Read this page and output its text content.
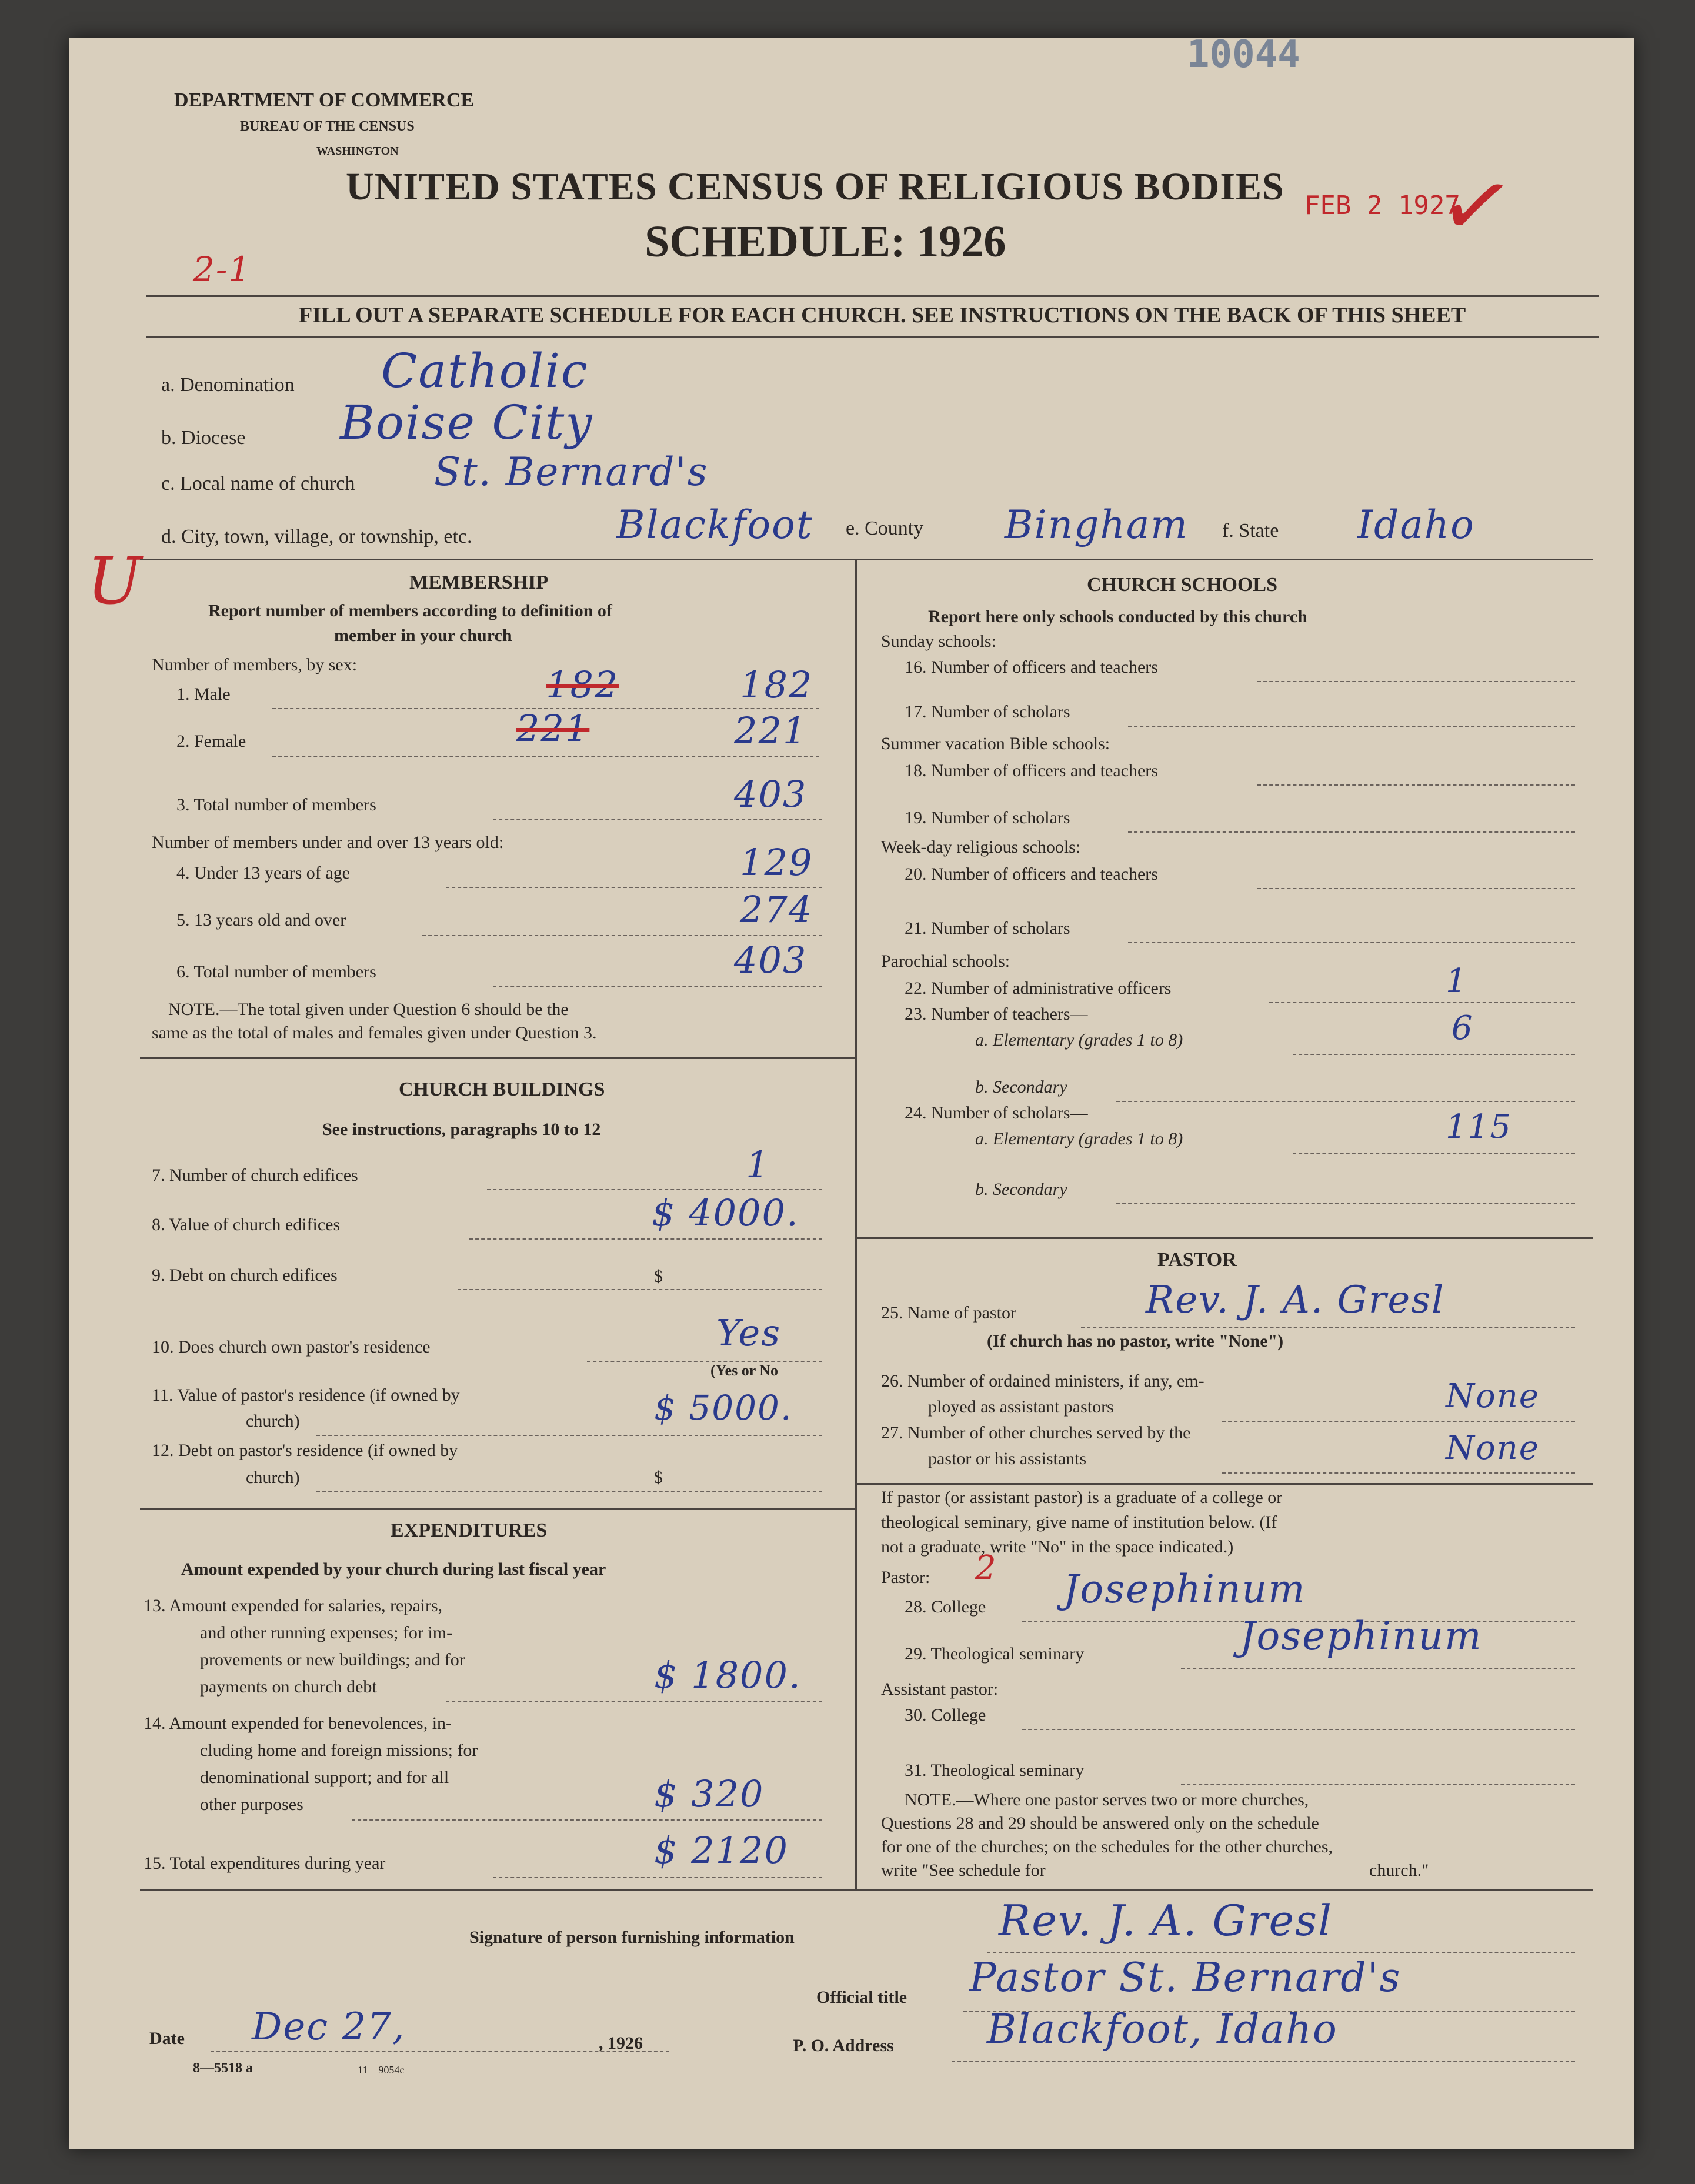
10044
DEPARTMENT OF COMMERCE
BUREAU OF THE CENSUS
WASHINGTON
UNITED STATES CENSUS OF RELIGIOUS BODIES
SCHEDULE: 1926
FEB 2 1927
✓
2-1
FILL OUT A SEPARATE SCHEDULE FOR EACH CHURCH. SEE INSTRUCTIONS ON THE BACK OF THIS SHEET
a. Denomination Catholic
b. Diocese Boise City
c. Local name of church St. Bernard's
d. City, town, village, or township, etc.	Blackfoot e. County Bingham f. State Idaho
U	MEMBERSHIP
Report number of members according to definition of
member in your church
Number of members, by sex:
1. Male	182	182
2. Female	221	221
3. Total number of members	403
Number of members under and over 13 years old:
4. Under 13 years of age	129
5. 13 years old and over	274
6. Total number of members	403
NOTE.—The total given under Question 6 should be the
same as the total of males and females given under Question 3.
CHURCH BUILDINGS
See instructions, paragraphs 10 to 12
7. Number of church edifices	1
8. Value of church edifices	$ 4000.
9. Debt on church edifices	$
10. Does church own pastor's residence	Yes
(Yes or No
11. Value of pastor's residence (if owned by
church)	$ 5000.
12. Debt on pastor's residence (if owned by
church)	$
EXPENDITURES
Amount expended by your church during last fiscal year
13. Amount expended for salaries, repairs,
and other running expenses; for im-
provements or new buildings; and for
payments on church debt	$ 1800.
14. Amount expended for benevolences, in-
cluding home and foreign missions; for
denominational support; and for all
other purposes	$ 320
15. Total expenditures during year	$ 2120
CHURCH SCHOOLS
Report here only schools conducted by this church
Sunday schools:
16. Number of officers and teachers
17. Number of scholars
Summer vacation Bible schools:
18. Number of officers and teachers
19. Number of scholars
Week-day religious schools:
20. Number of officers and teachers
21. Number of scholars
Parochial schools:
22. Number of administrative officers	1
23. Number of teachers—
a. Elementary (grades 1 to 8)	6
b. Secondary
24. Number of scholars—
a. Elementary (grades 1 to 8)	115
b. Secondary
PASTOR
25. Name of pastor	Rev. J. A. Gresl
(If church has no pastor, write "None")
26. Number of ordained ministers, if any, em-
ployed as assistant pastors	None
27. Number of other churches served by the
pastor or his assistants	None
If pastor (or assistant pastor) is a graduate of a college or
theological seminary, give name of institution below. (If
not a graduate, write "No" in the space indicated.)
Pastor: 2
28. College Josephinum
29. Theological seminary	Josephinum
Assistant pastor:
30. College
31. Theological seminary
NOTE.—Where one pastor serves two or more churches,
Questions 28 and 29 should be answered only on the schedule
for one of the churches; on the schedules for the other churches,
write "See schedule for	church."
Signature of person furnishing information	Rev. J. A. Gresl
Official title Pastor St. Bernard's
Date Dec 27,	, 1926	P. O. Address Blackfoot, Idaho
8—5518 a	11—9054c
